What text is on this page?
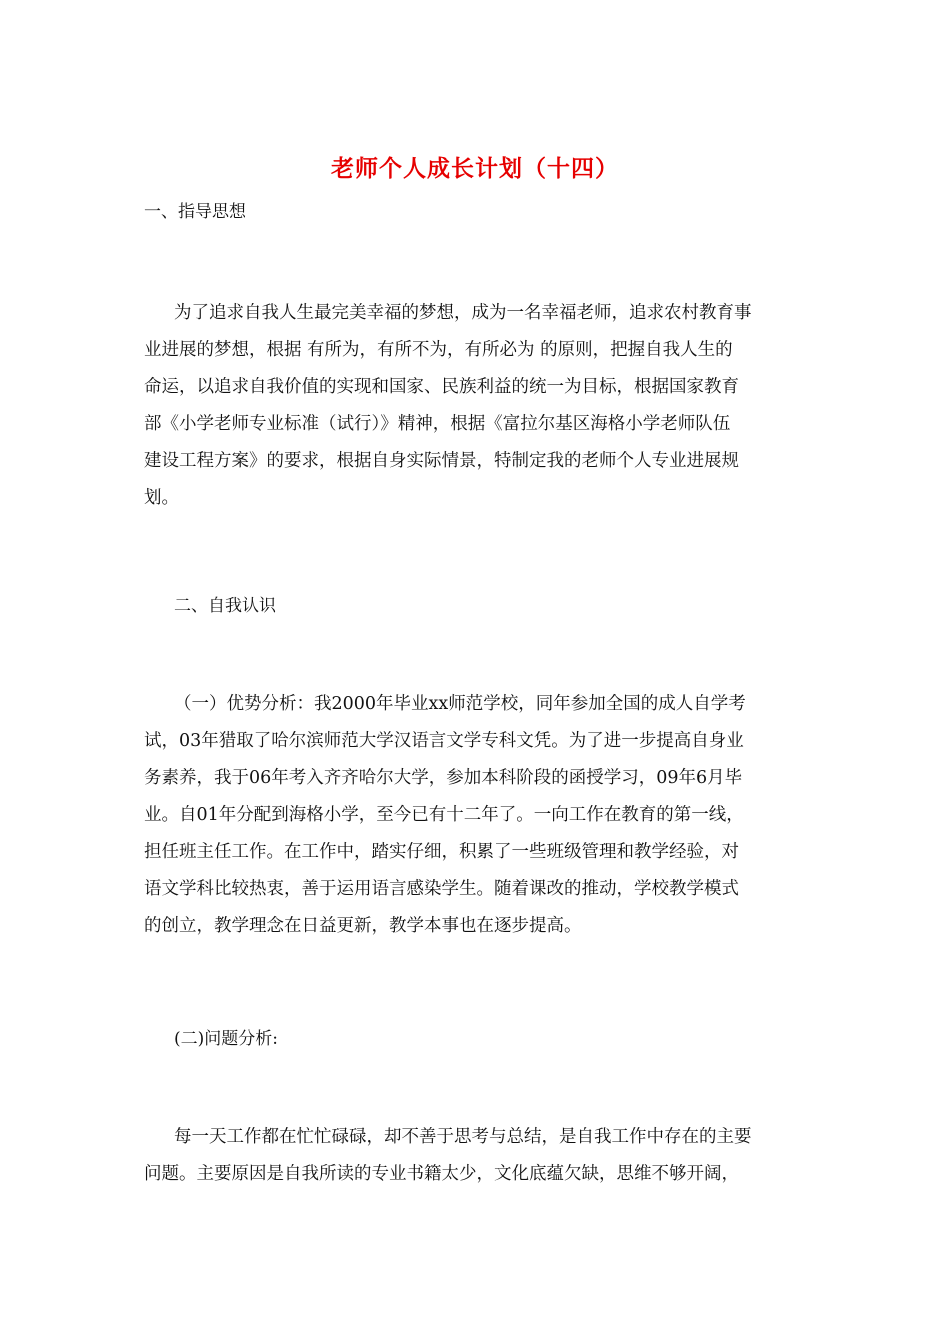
老师个人成长计划（十四）

一、指导思想

为了追求自我人生最完美幸福的梦想，成为一名幸福老师，追求农村教育事
业进展的梦想，根据 有所为，有所不为，有所必为 的原则，把握自我人生的
命运，以追求自我价值的实现和国家、民族利益的统一为目标，根据国家教育
部《小学老师专业标准（试行）》精神，根据《富拉尔基区海格小学老师队伍
建设工程方案》的要求，根据自身实际情景，特制定我的老师个人专业进展规
划。

二、自我认识

（一）优势分析：我2000年毕业xx师范学校，同年参加全国的成人自学考
试，03年猎取了哈尔滨师范大学汉语言文学专科文凭。为了进一步提高自身业
务素养，我于06年考入齐齐哈尔大学，参加本科阶段的函授学习，09年6月毕
业。自01年分配到海格小学，至今已有十二年了。一向工作在教育的第一线，
担任班主任工作。在工作中，踏实仔细，积累了一些班级管理和教学经验，对
语文学科比较热衷，善于运用语言感染学生。随着课改的推动，学校教学模式
的创立，教学理念在日益更新，教学本事也在逐步提高。

(二)问题分析:

每一天工作都在忙忙碌碌，却不善于思考与总结，是自我工作中存在的主要
问题。主要原因是自我所读的专业书籍太少，文化底蕴欠缺，思维不够开阔，
